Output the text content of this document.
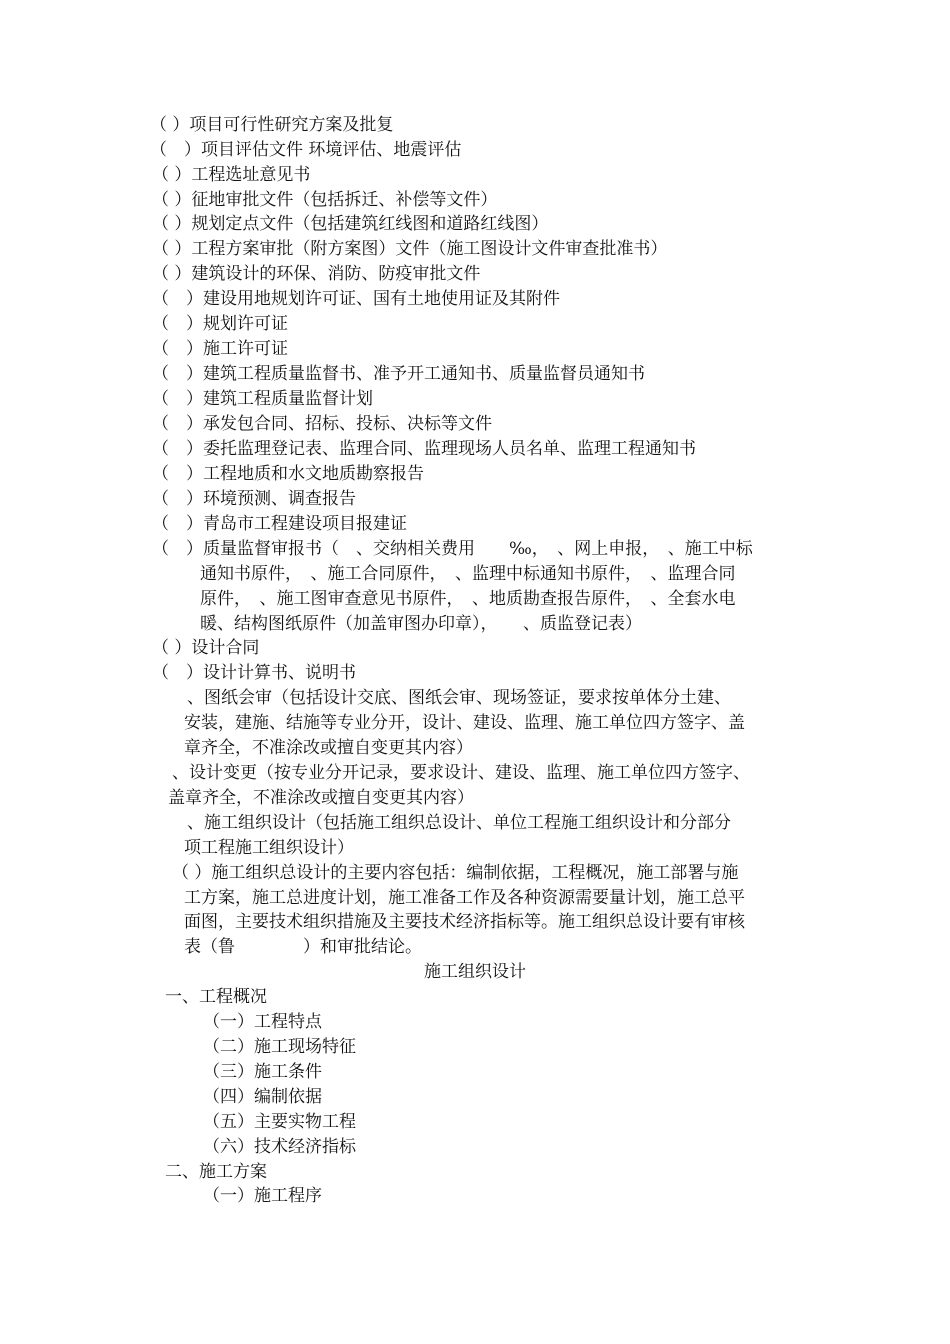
（ ）项目可行性研究方案及批复
（　）项目评估文件 环境评估、地震评估
（ ）工程选址意见书
（ ）征地审批文件（包括拆迁、补偿等文件）
（ ）规划定点文件（包括建筑红线图和道路红线图）
（ ）工程方案审批（附方案图）文件（施工图设计文件审查批准书）
（ ）建筑设计的环保、消防、防疫审批文件
（　）建设用地规划许可证、国有土地使用证及其附件
（　）规划许可证
（　）施工许可证
（　）建筑工程质量监督书、准予开工通知书、质量监督员通知书
（　）建筑工程质量监督计划
（　）承发包合同、招标、投标、决标等文件
（　）委托监理登记表、监理合同、监理现场人员名单、监理工程通知书
（　）工程地质和水文地质勘察报告
（　）环境预测、调查报告
（　）青岛市工程建设项目报建证
（　）质量监督审报书（　、交纳相关费用　　‰，　、网上申报，　、施工中标
通知书原件，　、施工合同原件，　、监理中标通知书原件，　、监理合同
原件，　、施工图审查意见书原件，　、地质勘查报告原件，　、全套水电
暖、结构图纸原件（加盖审图办印章），　　、质监登记表）
（ ）设计合同
（　）设计计算书、说明书
、图纸会审（包括设计交底、图纸会审、现场签证，要求按单体分土建、
安装，建施、结施等专业分开，设计、建设、监理、施工单位四方签字、盖
章齐全，不准涂改或擅自变更其内容）
、设计变更（按专业分开记录，要求设计、建设、监理、施工单位四方签字、
盖章齐全，不准涂改或擅自变更其内容）
、施工组织设计（包括施工组织总设计、单位工程施工组织设计和分部分
项工程施工组织设计）
（ ）施工组织总设计的主要内容包括：编制依据，工程概况，施工部署与施
工方案，施工总进度计划，施工准备工作及各种资源需要量计划，施工总平
面图，主要技术组织措施及主要技术经济指标等。施工组织总设计要有审核
表（鲁　　　　）和审批结论。
施工组织设计
一、工程概况
（一）工程特点
（二）施工现场特征
（三）施工条件
（四）编制依据
（五）主要实物工程
（六）技术经济指标
二、施工方案
（一）施工程序
